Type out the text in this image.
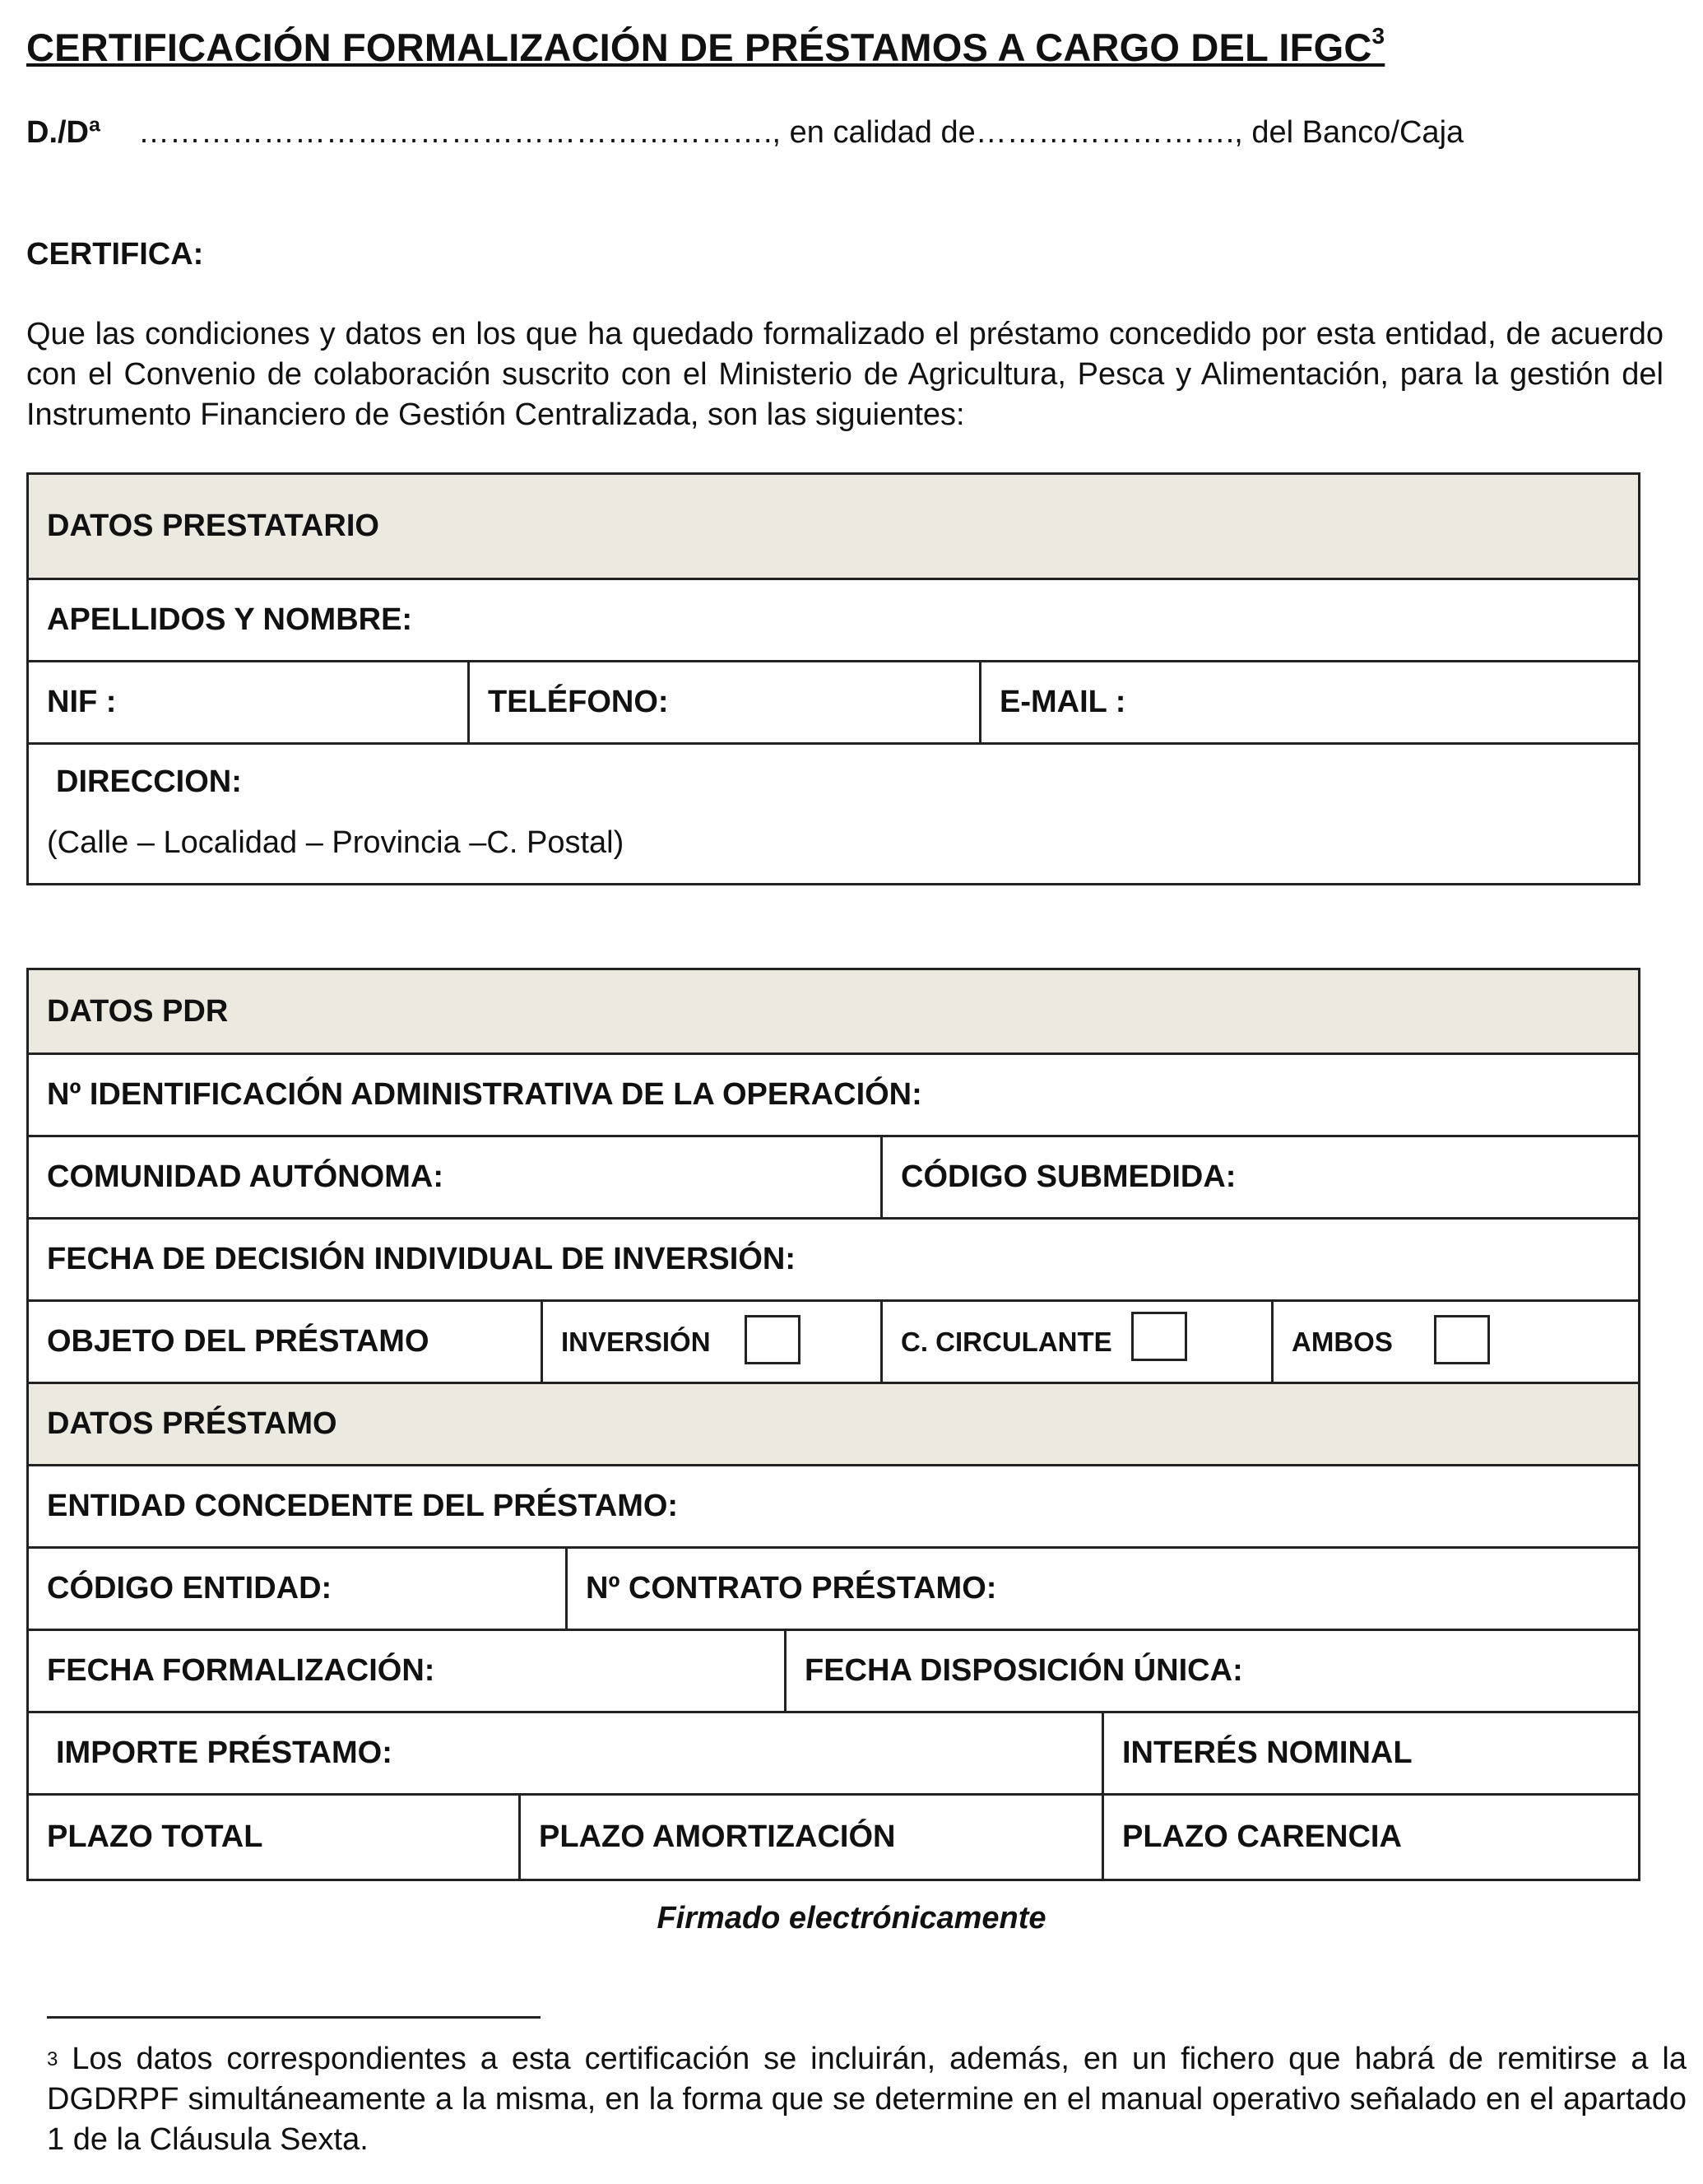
CERTIFICACIÓN FORMALIZACIÓN DE PRÉSTAMOS A CARGO DEL IFGC$^3$
D./Dª ……………………………………………………., en calidad de……………………., del Banco/Caja
CERTIFICA:
Que las condiciones y datos en los que ha quedado formalizado el préstamo concedido por esta entidad, de acuerdo con el Convenio de colaboración suscrito con el Ministerio de Agricultura, Pesca y Alimentación, para la gestión del Instrumento Financiero de Gestión Centralizada, son las siguientes:
DATOS PRESTATARIO
APELLIDOS Y NOMBRE:
NIF :	TELÉFONO:	E-MAIL :
DIRECCION:
(Calle – Localidad – Provincia –C. Postal)
DATOS PDR
Nº IDENTIFICACIÓN ADMINISTRATIVA DE LA OPERACIÓN:
COMUNIDAD AUTÓNOMA:	CÓDIGO SUBMEDIDA:
FECHA DE DECISIÓN INDIVIDUAL DE INVERSIÓN:
OBJETO DEL PRÉSTAMO	INVERSIÓN	C. CIRCULANTE	AMBOS
DATOS PRÉSTAMO
ENTIDAD CONCEDENTE DEL PRÉSTAMO:
CÓDIGO ENTIDAD:	Nº CONTRATO PRÉSTAMO:
FECHA FORMALIZACIÓN:	FECHA DISPOSICIÓN ÚNICA:
IMPORTE PRÉSTAMO:	INTERÉS NOMINAL
PLAZO TOTAL	PLAZO AMORTIZACIÓN	PLAZO CARENCIA
Firmado electrónicamente
$^3$ Los datos correspondientes a esta certificación se incluirán, además, en un fichero que habrá de remitirse a la DGDRPF simultáneamente a la misma, en la forma que se determine en el manual operativo señalado en el apartado 1 de la Cláusula Sexta.
